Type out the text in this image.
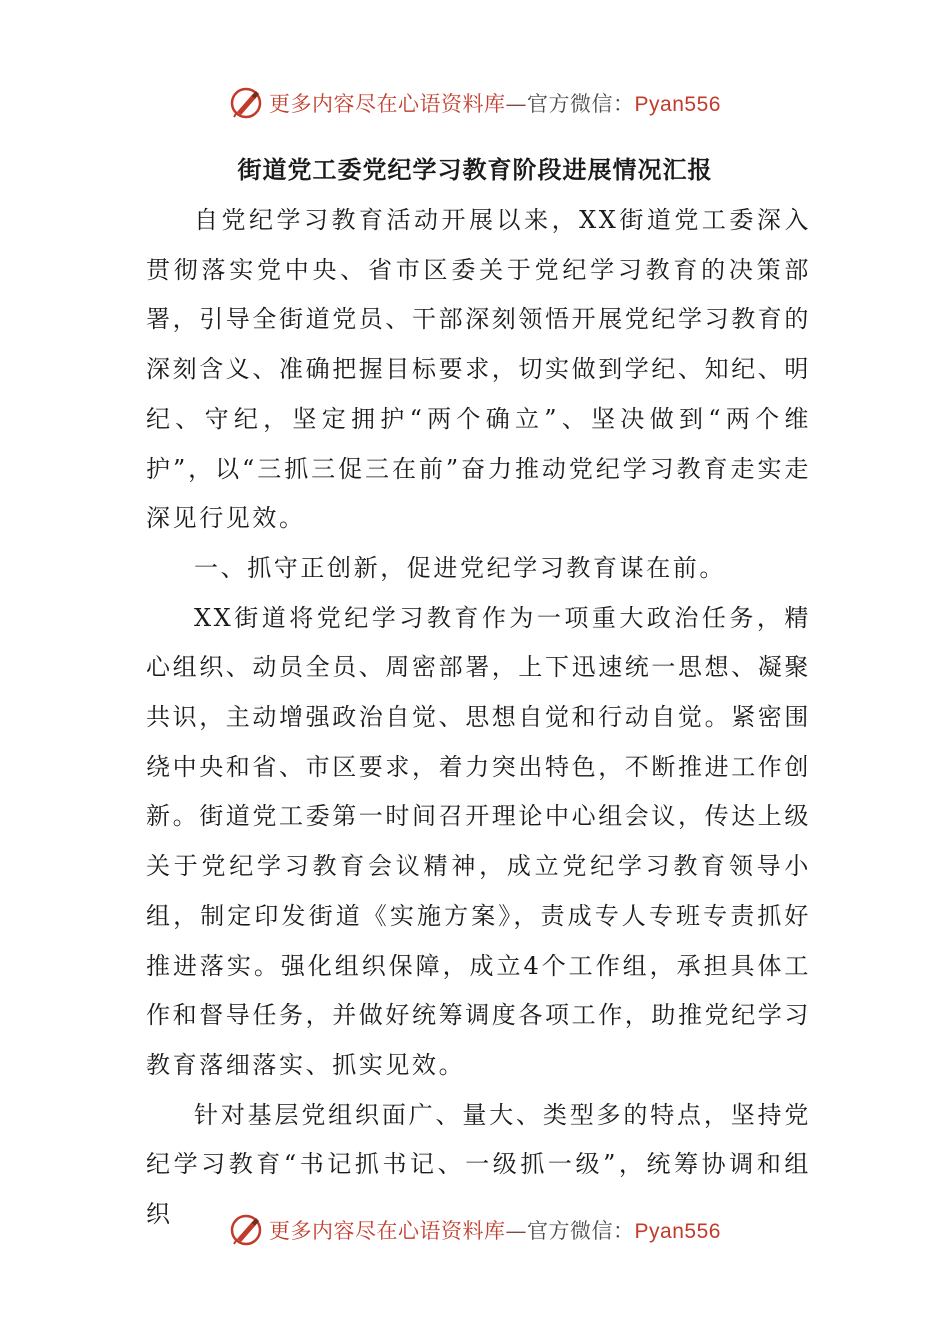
更多内容尽在心语资料库—官方微信：Pyan556
街道党工委党纪学习教育阶段进展情况汇报

自党纪学习教育活动开展以来，XX街道党工委深入贯彻落实党中央、省市区委关于党纪学习教育的决策部署，引导全街道党员、干部深刻领悟开展党纪学习教育的深刻含义、准确把握目标要求，切实做到学纪、知纪、明纪、守纪，坚定拥护“两个确立”、坚决做到“两个维护”，以“三抓三促三在前”奋力推动党纪学习教育走实走深见行见效。

一、抓守正创新，促进党纪学习教育谋在前。

XX街道将党纪学习教育作为一项重大政治任务，精心组织、动员全员、周密部署，上下迅速统一思想、凝聚共识，主动增强政治自觉、思想自觉和行动自觉。紧密围绕中央和省、市区要求，着力突出特色，不断推进工作创新。街道党工委第一时间召开理论中心组会议，传达上级关于党纪学习教育会议精神，成立党纪学习教育领导小组，制定印发街道《实施方案》，责成专人专班专责抓好推进落实。强化组织保障，成立4个工作组，承担具体工作和督导任务，并做好统筹调度各项工作，助推党纪学习教育落细落实、抓实见效。

针对基层党组织面广、量大、类型多的特点，坚持党纪学习教育“书记抓书记、一级抓一级”，统筹协调和组织

更多内容尽在心语资料库—官方微信：Pyan556
